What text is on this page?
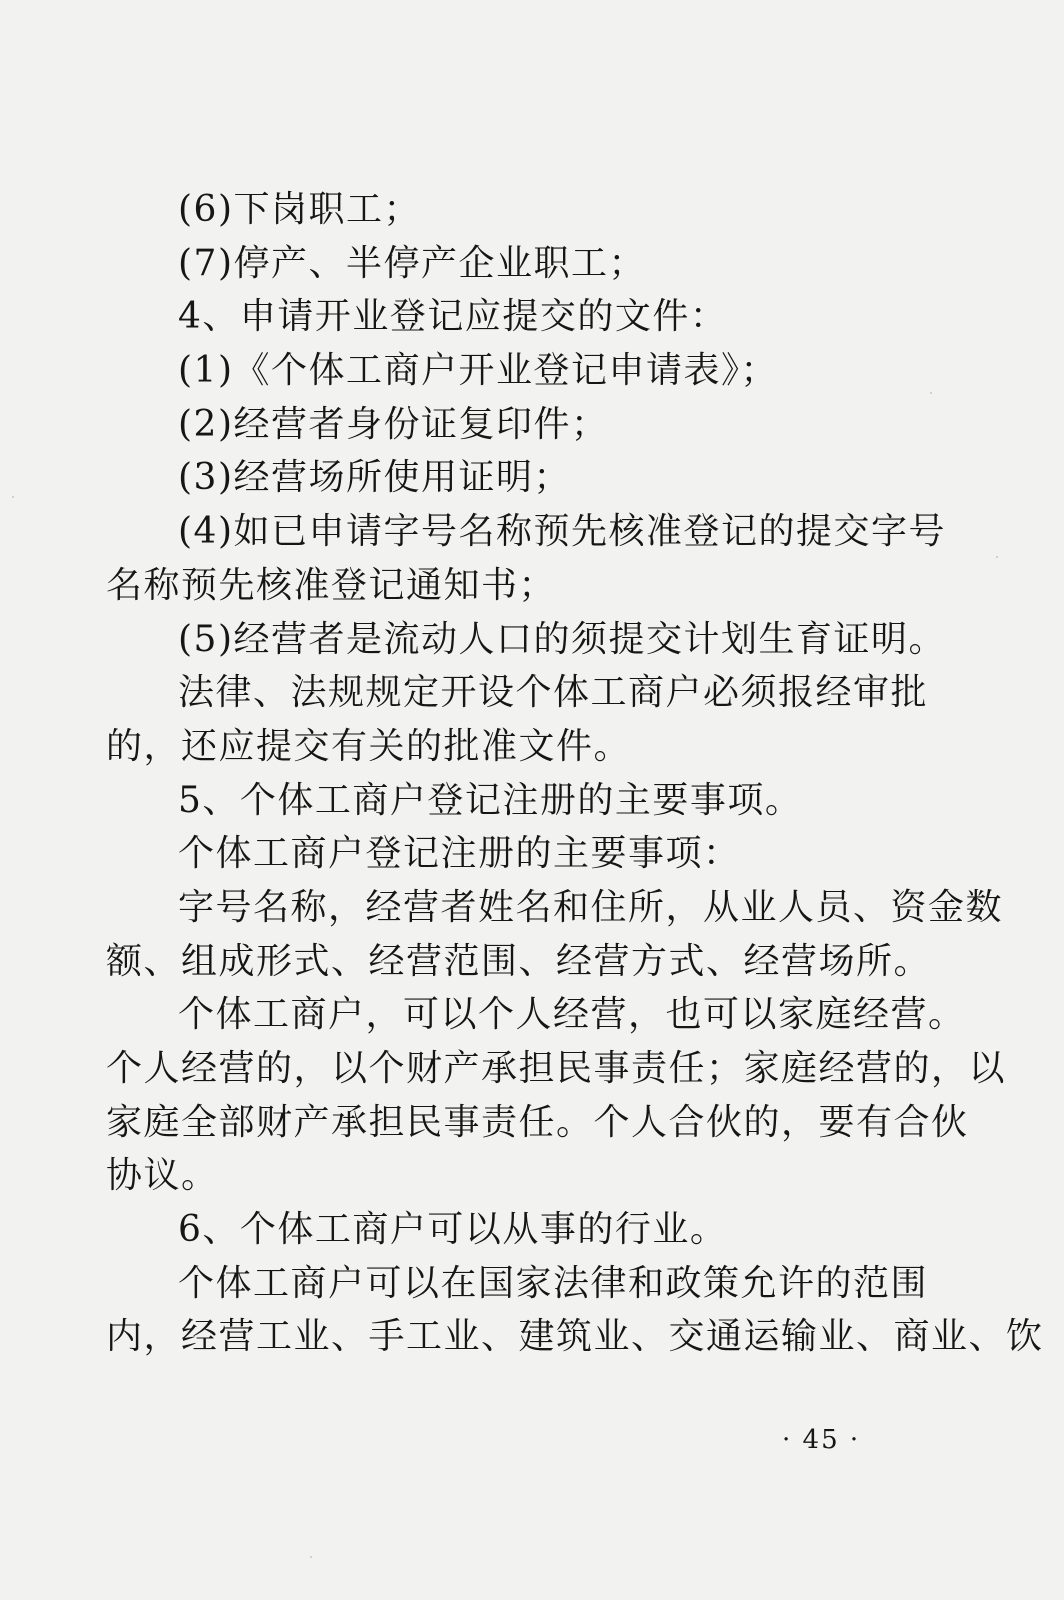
(6)下岗职工；
(7)停产、半停产企业职工；
4、申请开业登记应提交的文件：
(1)《个体工商户开业登记申请表》；
(2)经营者身份证复印件；
(3)经营场所使用证明；
(4)如已申请字号名称预先核准登记的提交字号
名称预先核准登记通知书；
(5)经营者是流动人口的须提交计划生育证明。
法律、法规规定开设个体工商户必须报经审批
的，还应提交有关的批准文件。
5、个体工商户登记注册的主要事项。
个体工商户登记注册的主要事项：
字号名称，经营者姓名和住所，从业人员、资金数
额、组成形式、经营范围、经营方式、经营场所。
个体工商户，可以个人经营，也可以家庭经营。
个人经营的，以个财产承担民事责任；家庭经营的，以
家庭全部财产承担民事责任。个人合伙的，要有合伙
协议。
6、个体工商户可以从事的行业。
个体工商户可以在国家法律和政策允许的范围
内，经营工业、手工业、建筑业、交通运输业、商业、饮
· 45 ·
